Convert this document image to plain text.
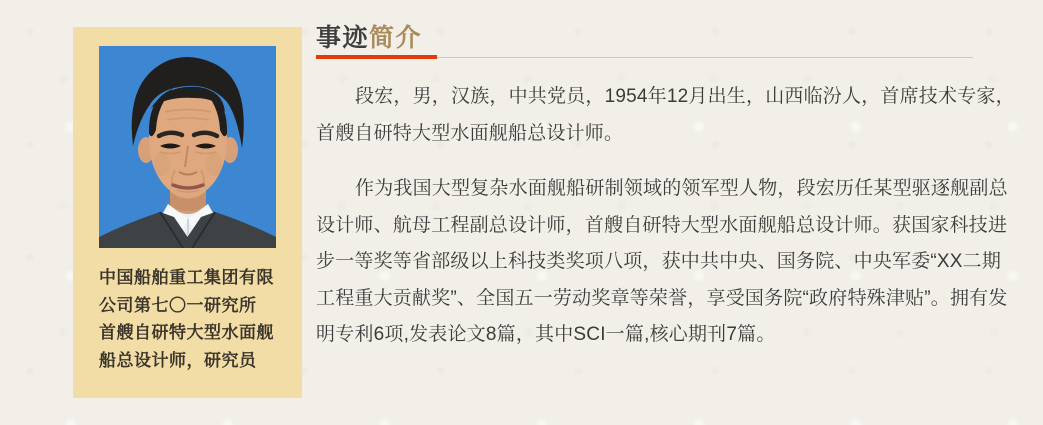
中国船舶重工集团有限
公司第七〇一研究所
首艘自研特大型水面舰
船总设计师，研究员
事迹简介
段宏，男，汉族，中共党员，1954年12月出生，山西临汾人，首席技术专家，
首艘自研特大型水面舰船总设计师。
作为我国大型复杂水面舰船研制领域的领军型人物，段宏历任某型驱逐舰副总
设计师、航母工程副总设计师，首艘自研特大型水面舰船总设计师。获国家科技进
步一等奖等省部级以上科技类奖项八项，获中共中央、国务院、中央军委“XX二期
工程重大贡献奖”、全国五一劳动奖章等荣誉，享受国务院“政府特殊津贴”。拥有发
明专利6项,发表论文8篇，其中SCI一篇,核心期刊7篇。
